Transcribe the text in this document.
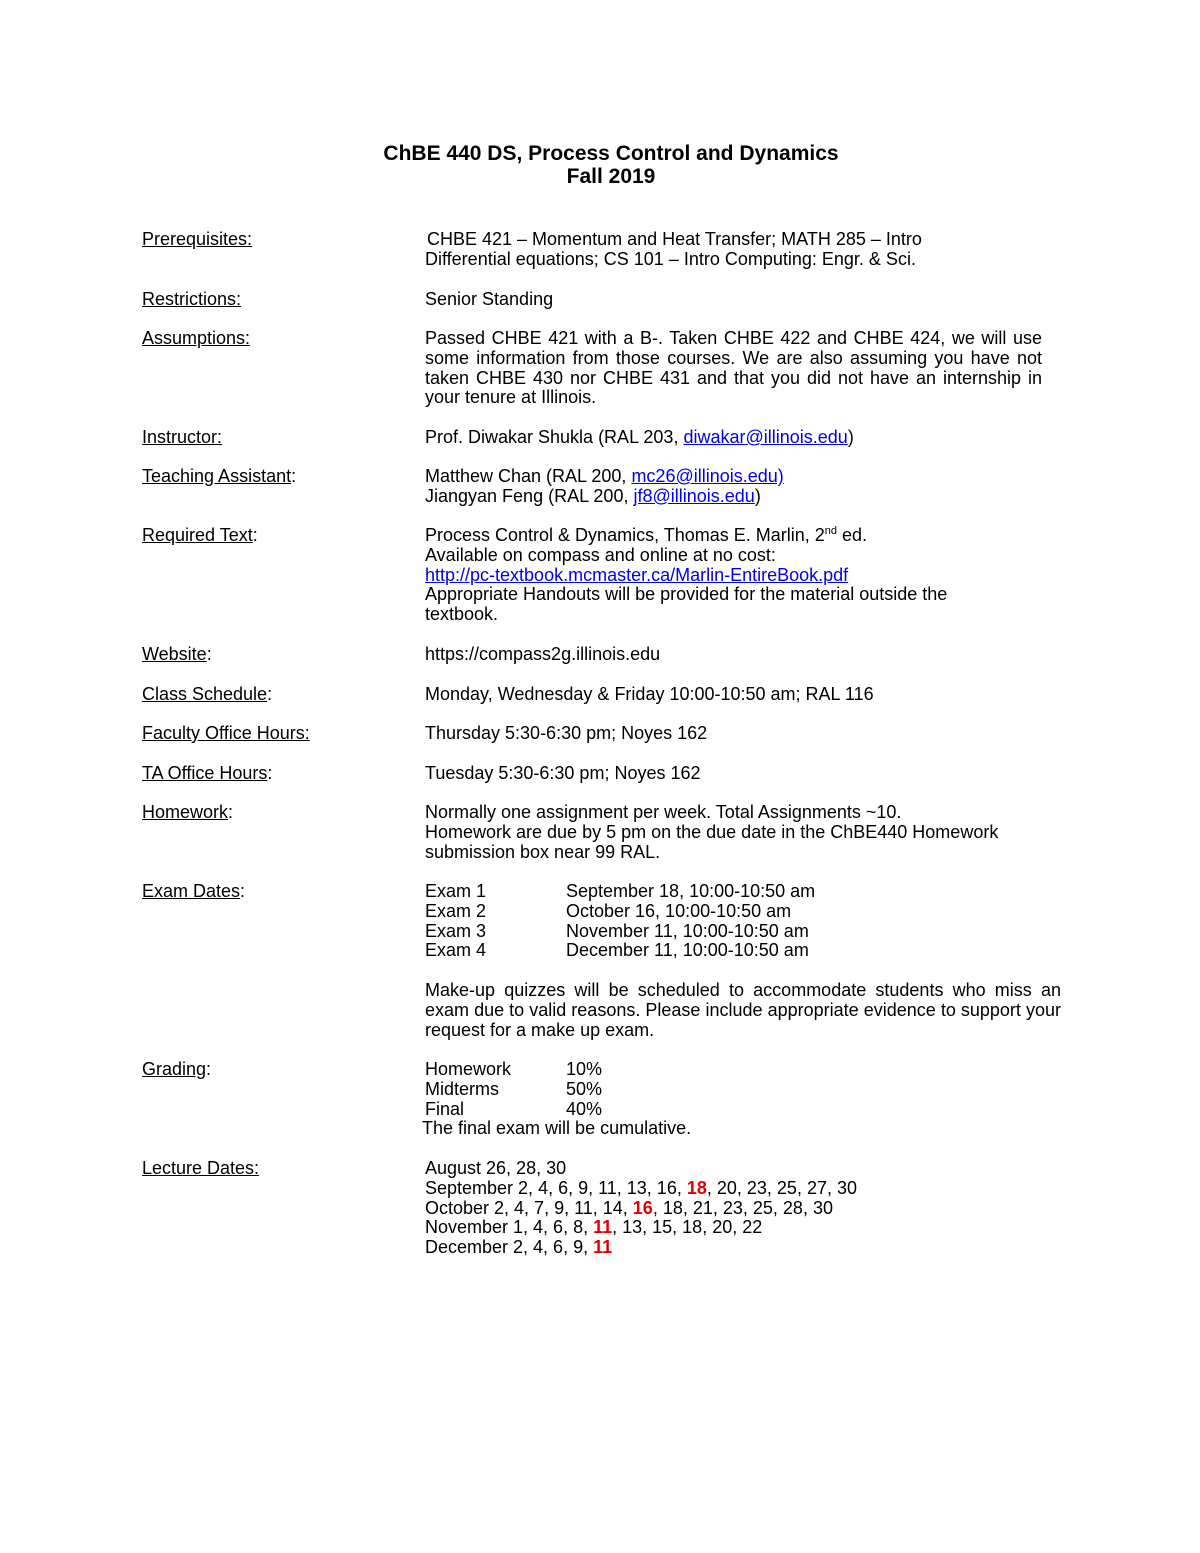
ChBE 440 DS, Process Control and Dynamics
Fall 2019
Prerequisites:	CHBE 421 – Momentum and Heat Transfer; MATH 285 – Intro
Differential equations; CS 101 – Intro Computing: Engr. & Sci.
Restrictions:	Senior Standing
Assumptions:	Passed CHBE 421 with a B-. Taken CHBE 422 and CHBE 424, we will use some information from those courses. We are also assuming you have not taken CHBE 430 nor CHBE 431 and that you did not have an internship in your tenure at Illinois.
Instructor:	Prof. Diwakar Shukla (RAL 203, diwakar@illinois.edu)
Teaching Assistant:	Matthew Chan (RAL 200, mc26@illinois.edu)
Jiangyan Feng (RAL 200, jf8@illinois.edu)
Required Text:	Process Control & Dynamics, Thomas E. Marlin, 2nd ed.
Available on compass and online at no cost:
http://pc-textbook.mcmaster.ca/Marlin-EntireBook.pdf
Appropriate Handouts will be provided for the material outside the textbook.
Website:	https://compass2g.illinois.edu
Class Schedule:	Monday, Wednesday & Friday 10:00-10:50 am; RAL 116
Faculty Office Hours:	Thursday 5:30-6:30 pm; Noyes 162
TA Office Hours:	Tuesday 5:30-6:30 pm; Noyes 162
Homework:	Normally one assignment per week. Total Assignments ~10.
Homework are due by 5 pm on the due date in the ChBE440 Homework
submission box near 99 RAL.
Exam Dates:	Exam 1	September 18, 10:00-10:50 am
Exam 2	October 16, 10:00-10:50 am
Exam 3	November 11, 10:00-10:50 am
Exam 4	December 11, 10:00-10:50 am
Make-up quizzes will be scheduled to accommodate students who miss an exam due to valid reasons. Please include appropriate evidence to support your request for a make up exam.
Grading:	Homework	10%
Midterms	50%
Final	40%
The final exam will be cumulative.
Lecture Dates:	August 26, 28, 30
September 2, 4, 6, 9, 11, 13, 16, 18, 20, 23, 25, 27, 30
October 2, 4, 7, 9, 11, 14, 16, 18, 21, 23, 25, 28, 30
November 1, 4, 6, 8, 11, 13, 15, 18, 20, 22
December 2, 4, 6, 9, 11
